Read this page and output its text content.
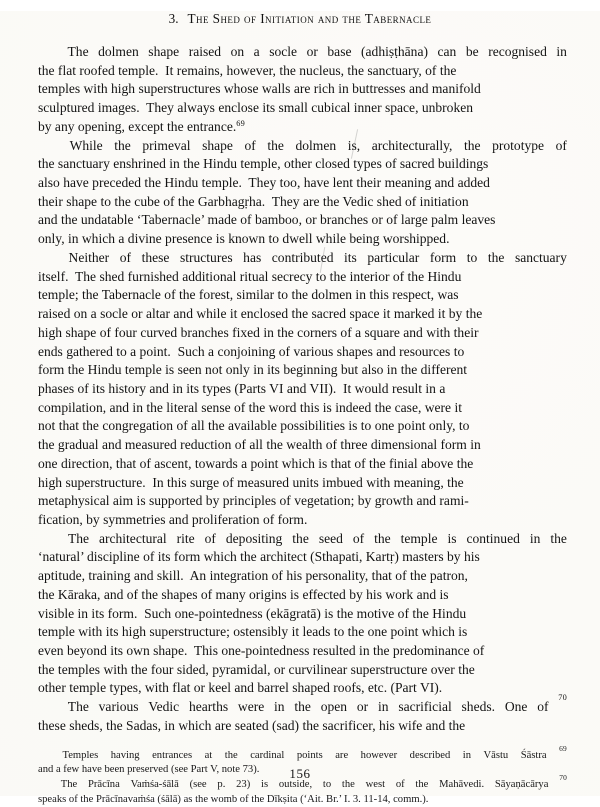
3. The Shed of Initiation and the Tabernacle
The dolmen shape raised on a socle or base (adhiṣṭhāna) can be recognised in
the flat roofed temple.  It remains, however, the nucleus, the sanctuary, of the
temples with high superstructures whose walls are rich in buttresses and manifold
sculptured images.  They always enclose its small cubical inner space, unbroken
by any opening, except the entrance.$^{69}$
While the primeval shape of the dolmen is, architecturally, the prototype of
the sanctuary enshrined in the Hindu temple, other closed types of sacred buildings
also have preceded the Hindu temple.  They too, have lent their meaning and added
their shape to the cube of the Garbhagṛha.  They are the Vedic shed of initiation
and the undatable ‘Tabernacle’ made of bamboo, or branches or of large palm leaves
only, in which a divine presence is known to dwell while being worshipped.
Neither of these structures has contributed its particular form to the sanctuary
itself.  The shed furnished additional ritual secrecy to the interior of the Hindu
temple; the Tabernacle of the forest, similar to the dolmen in this respect, was
raised on a socle or altar and while it enclosed the sacred space it marked it by the
high shape of four curved branches fixed in the corners of a square and with their
ends gathered to a point.  Such a conjoining of various shapes and resources to
form the Hindu temple is seen not only in its beginning but also in the different
phases of its history and in its types (Parts VI and VII).  It would result in a
compilation, and in the literal sense of the word this is indeed the case, were it
not that the congregation of all the available possibilities is to one point only, to
the gradual and measured reduction of all the wealth of three dimensional form in
one direction, that of ascent, towards a point which is that of the finial above the
high superstructure.  In this surge of measured units imbued with meaning, the
metaphysical aim is supported by principles of vegetation; by growth and rami-
fication, by symmetries and proliferation of form.
The architectural rite of depositing the seed of the temple is continued in the
‘natural’ discipline of its form which the architect (Sthapati, Kartṛ) masters by his
aptitude, training and skill.  An integration of his personality, that of the patron,
the Kāraka, and of the shapes of many origins is effected by his work and is
visible in its form.  Such one-pointedness (ekāgratā) is the motive of the Hindu
temple with its high superstructure; ostensibly it leads to the one point which is
even beyond its own shape.  This one-pointedness resulted in the predominance of
the temples with the four sided, pyramidal, or curvilinear superstructure over the
other temple types, with flat or keel and barrel shaped roofs, etc. (Part VI).
The various Vedic hearths were in the open or in sacrificial sheds. One of
70
these sheds, the Sadas, in which are seated (sad) the sacrificer, his wife and the
Temples having entrances at the cardinal points are however described in Vāstu Śāstra
69
and a few have been preserved (see Part V, note 73).
The Prācīna Vaṁśa-śālā (see p. 23) is outside, to the west of the Mahāvedi. Sāyaṇācārya
70
speaks of the Prācīnavaṁśa (śālā) as the womb of the Dīkṣita (‘Ait. Br.’ I. 3. 11-14, comm.).
156
